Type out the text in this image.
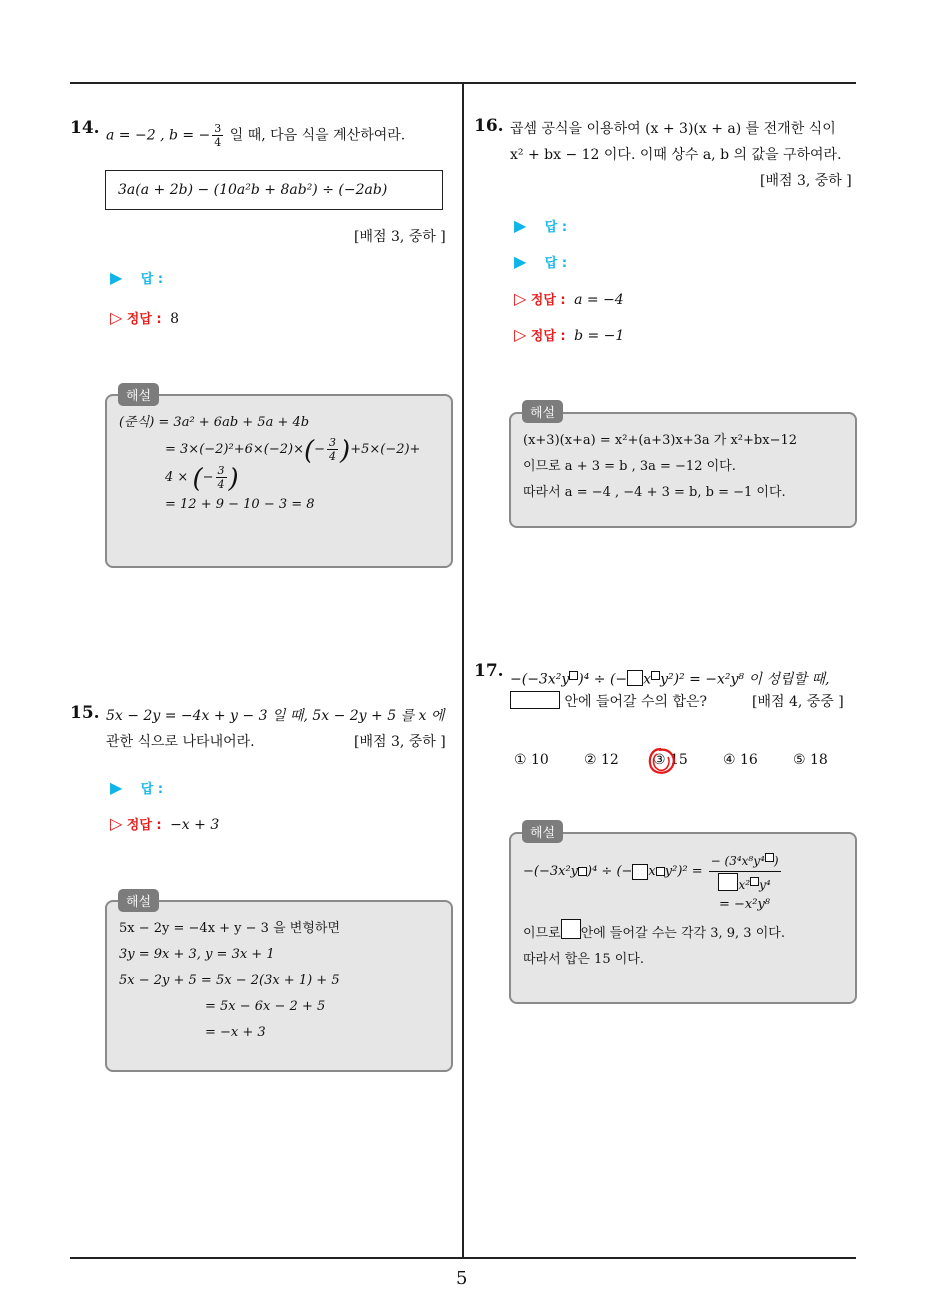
5
14. a = −2 , b = − $\frac{3}{4}$ 일 때, 다음 식을 계산하여라.
3a(a + 2b) − (10a²b + 8ab²) ÷ (−2ab)
[배점 3, 중하 ]
▶ 답 :
▷ 정답 : 8
(준식) = 3a² + 6ab + 5a + 4b
= $3\times(-2)^2+6\times(-2)\times(- \frac{3}{4} )+5\times(-2)+$
4 × (− $\frac{3}{4}$ )
= 12 + 9 − 10 − 3 = 8
해설
15. 5x − 2y = −4x + y − 3 일 때, 5x − 2y + 5 를 x 에
관한 식으로 나타내어라.	[배점 3, 중하 ]
▶ 답 :
▷ 정답 : −x + 3
5x − 2y = −4x + y − 3 을 변형하면
3y = 9x + 3, y = 3x + 1
5x − 2y + 5 = 5x − 2(3x + 1) + 5
= 5x − 6x − 2 + 5
= −x + 3
해설
16. 곱셈 공식을 이용하여 (x + 3)(x + a) 를 전개한 식이
x² + bx − 12 이다. 이때 상수 a, b 의 값을 구하여라.
[배점 3, 중하 ]
▶ 답 :
▶ 답 :
▷ 정답 : a = −4
▷ 정답 : b = −1
(x+3)(x+a) = x²+(a+3)x+3a 가 x²+bx−12
이므로 a + 3 = b , 3a = −12 이다.
따라서 a = −4 , −4 + 3 = b, b = −1 이다.
해설
17. −(−3x²y )⁴ ÷ (− x y²)² = −x²y⁸ 이 성립할 때,
안에 들어갈 수의 합은?	[배점 4, 중중 ]
① 10	② 12 ③ 15	④ 16	⑤ 18
−(−3x²y )⁴ ÷ (− x $y^2)^2 = \frac{\text{− (3⁴x⁸y⁴ )}}{\text{x² y⁴}}$
= −x²y⁸
이므로 안에 들어갈 수는 각각 3, 9, 3 이다.
따라서 합은 15 이다.
해설
